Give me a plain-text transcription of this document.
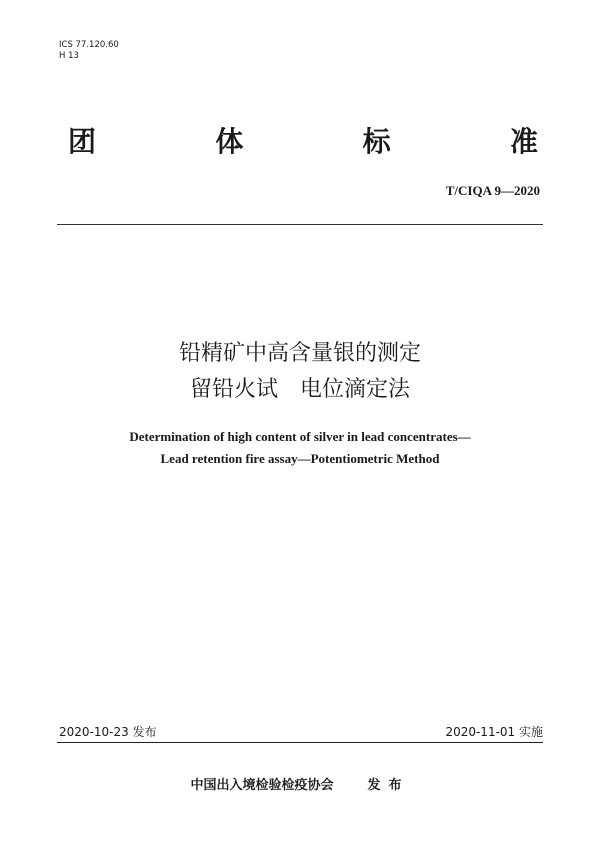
ICS 77.120.60
H 13
团	体	标	准
T/CIQA 9—2020
铅精矿中高含量银的测定
留铅火试　电位滴定法
Determination of high content of silver in lead concentrates—
Lead retention fire assay—Potentiometric Method
2020-10-23 发布	2020-11-01 实施
中国出入境检验检疫协会	发布
